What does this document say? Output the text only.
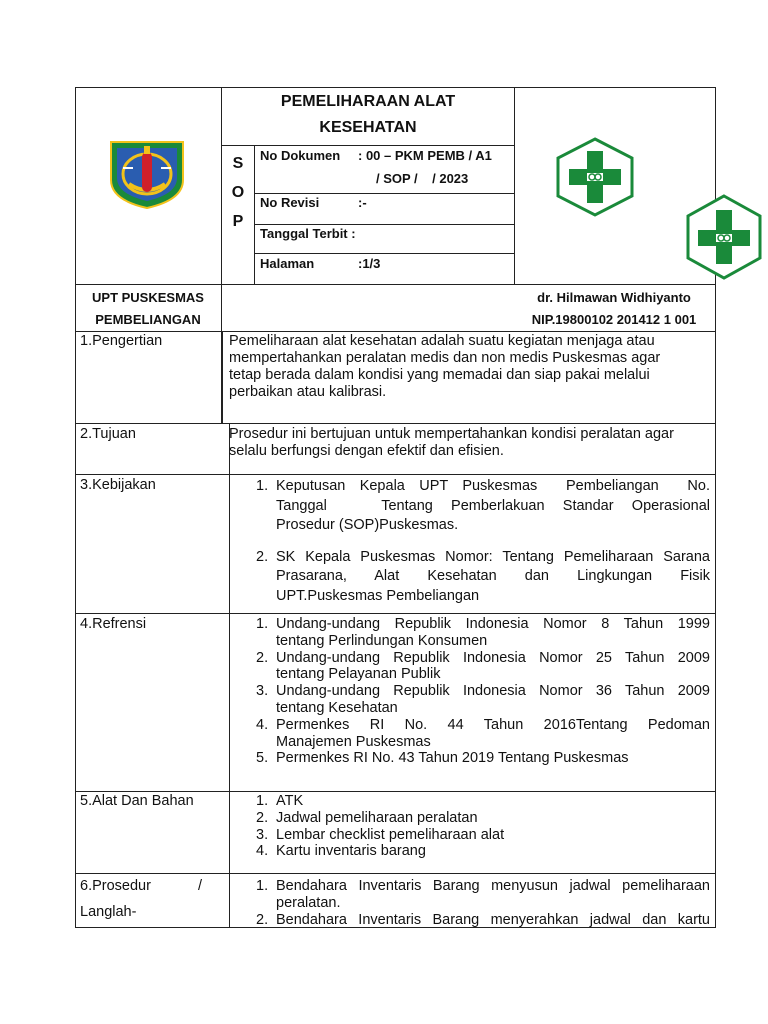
PEMELIHARAAN ALAT
KESEHATAN
S
O
P
No Dokumen : 00 – PKM PEMB / A1
/ SOP /    / 2023
No Revisi	:-
Tanggal Terbit :
Halaman	:1/3
UPT PUSKESMAS
PEMBELIANGAN
dr. Hilmawan Widhiyanto
NIP.19800102 201412 1 001
1.Pengertian	Pemeliharaan alat kesehatan adalah suatu kegiatan menjaga atau
mempertahankan peralatan medis dan non medis Puskesmas agar
tetap berada dalam kondisi yang memadai dan siap pakai melalui
perbaikan atau kalibrasi.
2.Tujuan	Prosedur ini bertujuan untuk mempertahankan kondisi peralatan agar
selalu berfungsi dengan efektif dan efisien.
3.Kebijakan	1. Keputusan Kepala UPT Puskesmas  Pembeliangan  No.
Tanggal   Tentang Pemberlakuan Standar Operasional
Prosedur (SOP)Puskesmas.
2. SK Kepala Puskesmas Nomor: Tentang Pemeliharaan Sarana
Prasarana, Alat Kesehatan dan Lingkungan Fisik
UPT.Puskesmas Pembeliangan
4.Refrensi	1. Undang-undang Republik Indonesia Nomor 8 Tahun 1999
tentang Perlindungan Konsumen
2. Undang-undang Republik Indonesia Nomor 25 Tahun 2009
tentang Pelayanan Publik
3. Undang-undang Republik Indonesia Nomor 36 Tahun 2009
tentang Kesehatan
4. Permenkes RI No. 44 Tahun 2016Tentang Pedoman
Manajemen Puskesmas
5. Permenkes RI No. 43 Tahun 2019 Tentang Puskesmas
5.Alat Dan Bahan	1. ATK
2. Jadwal pemeliharaan peralatan
3. Lembar checklist pemeliharaan alat
4. Kartu inventaris barang
6.Prosedur	/
Langlah-
1. Bendahara Inventaris Barang menyusun jadwal pemeliharaan
peralatan.
2. Bendahara Inventaris Barang menyerahkan jadwal dan kartu
